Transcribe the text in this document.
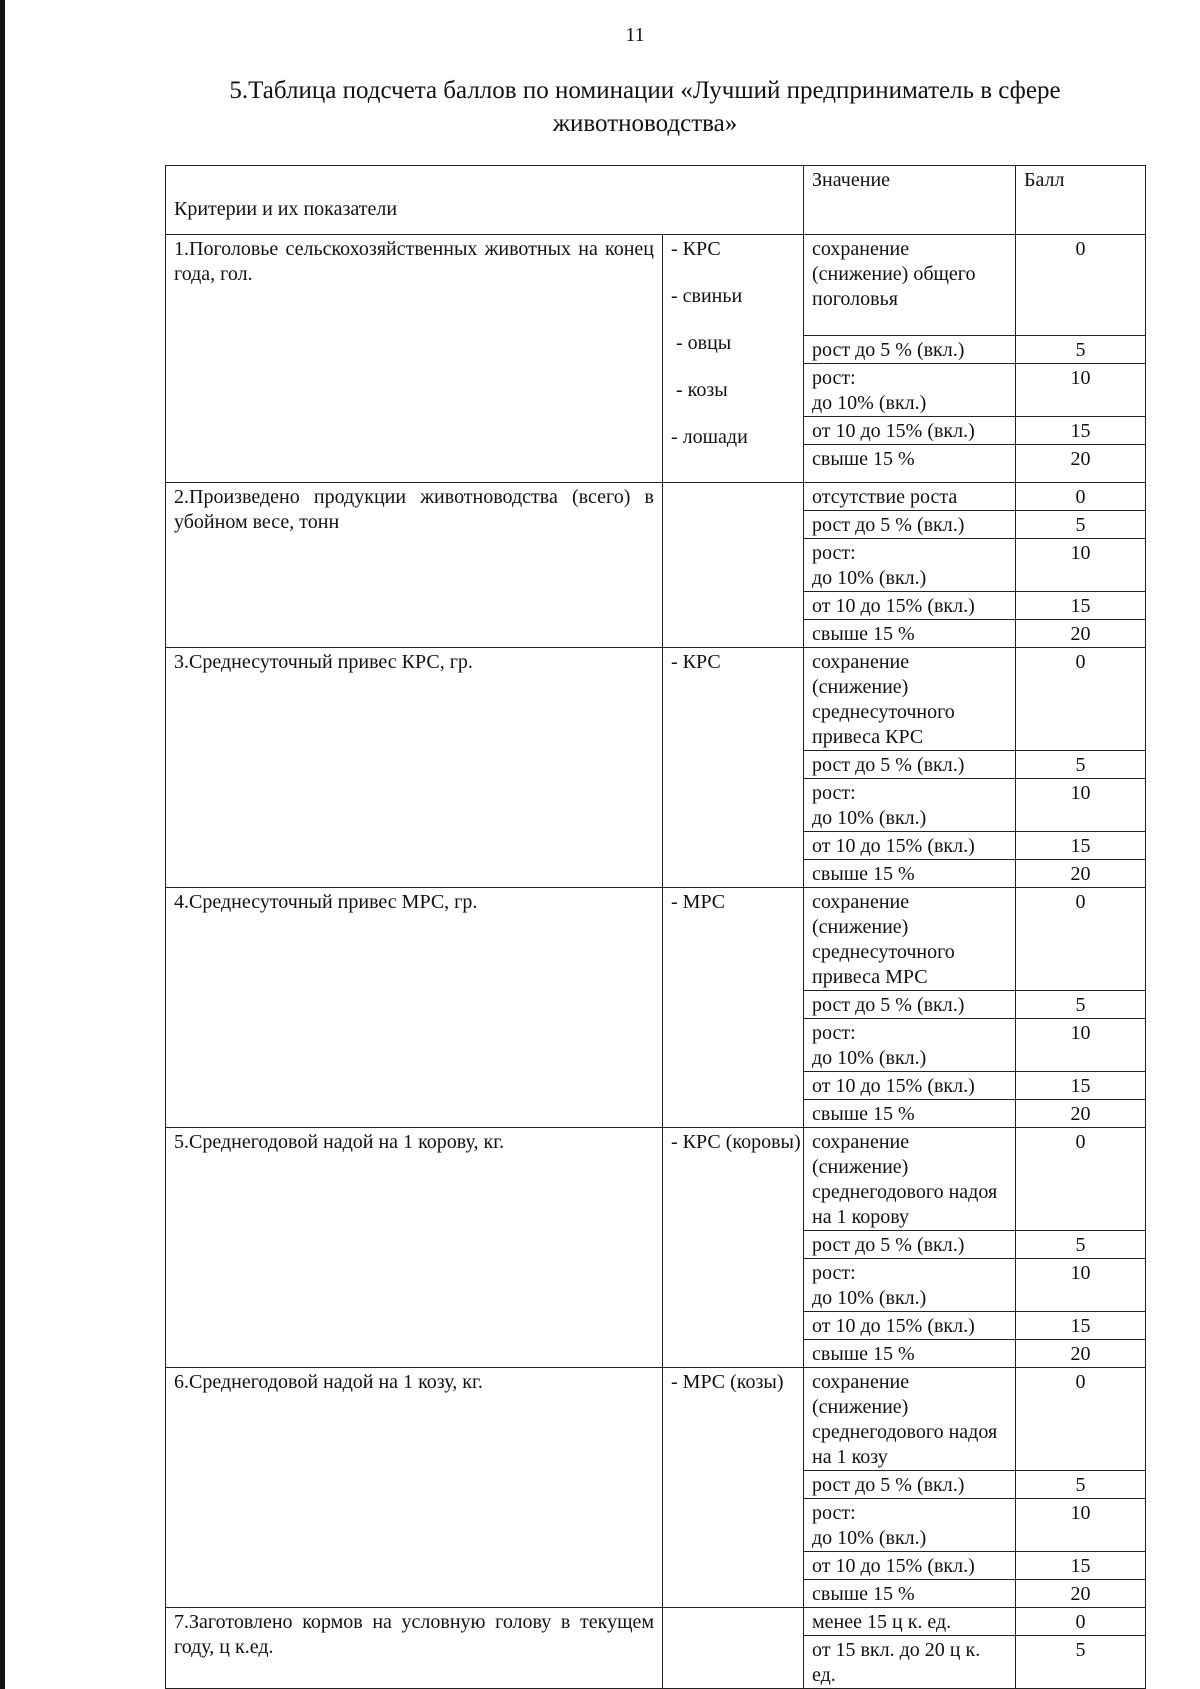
11
5.Таблица подсчета баллов по номинации «Лучший предприниматель в сфере
животноводства»
Критерии и их показатели		Значение	Балл
1.Поголовье сельскохозяйственных животных на конец года, гол.	- КРС
- свиньи
- овцы
- козы
- лошади	сохранение (снижение) общего поголовья	0
		рост до 5 % (вкл.)	5
		рост:
до 10% (вкл.)	10
		от 10 до 15% (вкл.)	15
		свыше 15 %	20
2.Произведено продукции животноводства (всего) в убойном весе, тонн		отсутствие роста	0
		рост до 5 % (вкл.)	5
		рост:
до 10% (вкл.)	10
		от 10 до 15% (вкл.)	15
		свыше 15 %	20
3.Среднесуточный привес КРС, гр.	- КРС	сохранение (снижение) среднесуточного привеса КРС	0
		рост до 5 % (вкл.)	5
		рост:
до 10% (вкл.)	10
		от 10 до 15% (вкл.)	15
		свыше 15 %	20
4.Среднесуточный привес МРС, гр.	- МРС	сохранение (снижение) среднесуточного привеса МРС	0
		рост до 5 % (вкл.)	5
		рост:
до 10% (вкл.)	10
		от 10 до 15% (вкл.)	15
		свыше 15 %	20
5.Среднегодовой надой на 1 корову, кг.	- КРС (коровы)	сохранение (снижение) среднегодового надоя на 1 корову	0
		рост до 5 % (вкл.)	5
		рост:
до 10% (вкл.)	10
		от 10 до 15% (вкл.)	15
		свыше 15 %	20
6.Среднегодовой надой на 1 козу, кг.	- МРС (козы)	сохранение (снижение) среднегодового надоя на 1 козу	0
		рост до 5 % (вкл.)	5
		рост:
до 10% (вкл.)	10
		от 10 до 15% (вкл.)	15
		свыше 15 %	20
7.Заготовлено кормов на условную голову в текущем году, ц к.ед.		менее 15 ц к. ед.	0
		от 15 вкл. до 20 ц к. ед.	5
